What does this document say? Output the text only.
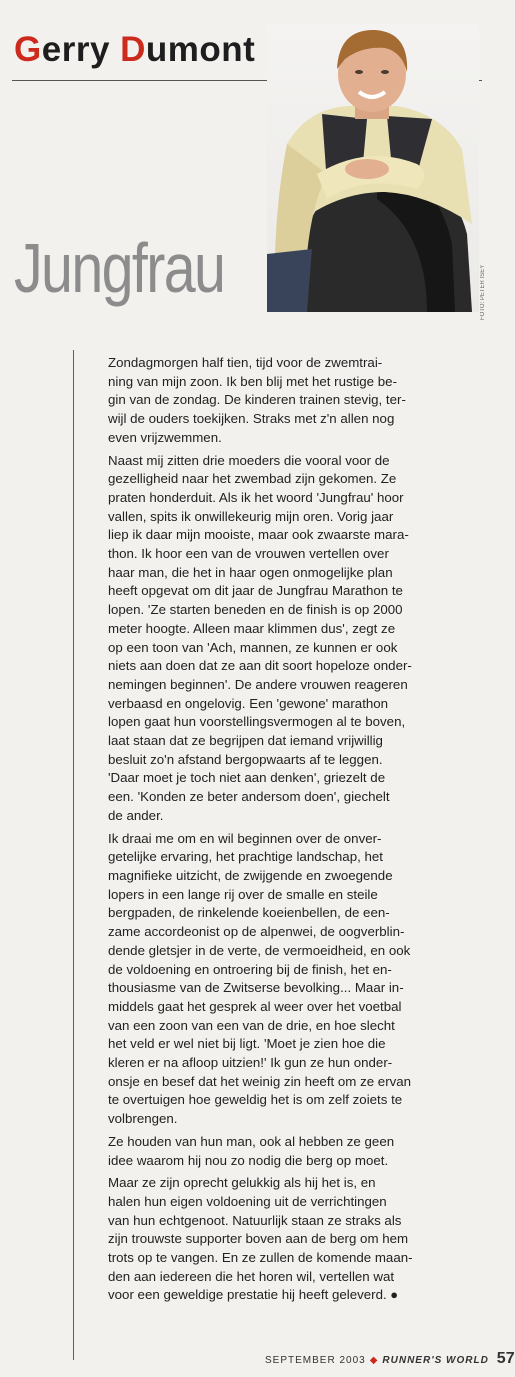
Gerry Dumont
FOTO: PETER ISEY
Jungfrau

Zondagmorgen half tien, tijd voor de zwemtrai-
ning van mijn zoon. Ik ben blij met het rustige be-
gin van de zondag. De kinderen trainen stevig, ter-
wijl de ouders toekijken. Straks met z'n allen nog
even vrijzwemmen.

Naast mij zitten drie moeders die vooral voor de
gezelligheid naar het zwembad zijn gekomen. Ze
praten honderduit. Als ik het woord 'Jungfrau' hoor
vallen, spits ik onwillekeurig mijn oren. Vorig jaar
liep ik daar mijn mooiste, maar ook zwaarste mara-
thon. Ik hoor een van de vrouwen vertellen over
haar man, die het in haar ogen onmogelijke plan
heeft opgevat om dit jaar de Jungfrau Marathon te
lopen. 'Ze starten beneden en de finish is op 2000
meter hoogte. Alleen maar klimmen dus', zegt ze
op een toon van 'Ach, mannen, ze kunnen er ook
niets aan doen dat ze aan dit soort hopeloze onder-
nemingen beginnen'. De andere vrouwen reageren
verbaasd en ongelovig. Een 'gewone' marathon
lopen gaat hun voorstellingsvermogen al te boven,
laat staan dat ze begrijpen dat iemand vrijwillig
besluit zo'n afstand bergopwaarts af te leggen.
'Daar moet je toch niet aan denken', griezelt de
een. 'Konden ze beter andersom doen', giechelt
de ander.

Ik draai me om en wil beginnen over de onver-
getelijke ervaring, het prachtige landschap, het
magnifieke uitzicht, de zwijgende en zwoegende
lopers in een lange rij over de smalle en steile
bergpaden, de rinkelende koeienbellen, de een-
zame accordeonist op de alpenwei, de oogverblin-
dende gletsjer in de verte, de vermoeidheid, en ook
de voldoening en ontroering bij de finish, het en-
thousiasme van de Zwitserse bevolking... Maar in-
middels gaat het gesprek al weer over het voetbal
van een zoon van een van de drie, en hoe slecht
het veld er wel niet bij ligt. 'Moet je zien hoe die
kleren er na afloop uitzien!' Ik gun ze hun onder-
onsje en besef dat het weinig zin heeft om ze ervan
te overtuigen hoe geweldig het is om zelf zoiets te
volbrengen.

Ze houden van hun man, ook al hebben ze geen
idee waarom hij nou zo nodig die berg op moet.

Maar ze zijn oprecht gelukkig als hij het is, en
halen hun eigen voldoening uit de verrichtingen
van hun echtgenoot. Natuurlijk staan ze straks als
zijn trouwste supporter boven aan de berg om hem
trots op te vangen. En ze zullen de komende maan-
den aan iedereen die het horen wil, vertellen wat
voor een geweldige prestatie hij heeft geleverd. ●

SEPTEMBER 2003 ◆ RUNNER'S WORLD 57
